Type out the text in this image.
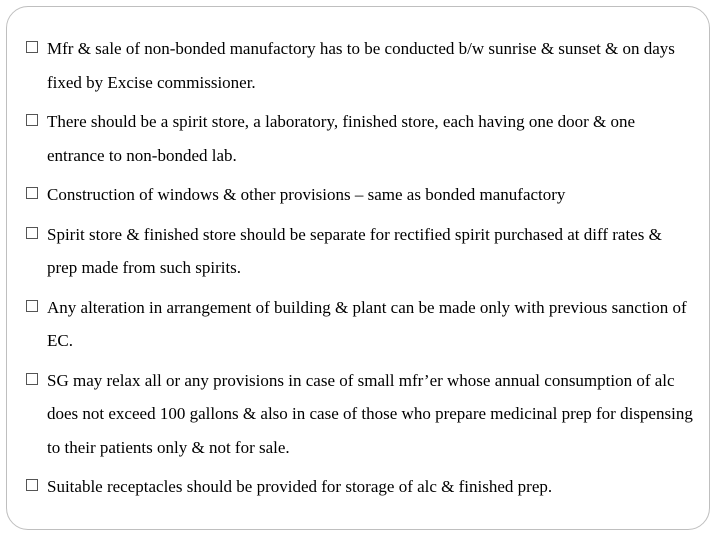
Mfr & sale of non-bonded manufactory has to be conducted b/w sunrise & sunset & on days fixed by Excise commissioner.
There should be a spirit store, a laboratory, finished store, each having one door & one entrance to non-bonded lab.
Construction of windows & other provisions – same as bonded manufactory
Spirit store & finished store should be separate for rectified spirit purchased at diff rates & prep made from such spirits.
Any alteration in arrangement of building & plant can be made only with previous sanction of EC.
SG may relax all or any provisions in case of small mfr’er whose annual consumption of alc does not exceed 100 gallons & also in case of those who prepare medicinal prep for dispensing to their patients only & not for sale.
Suitable receptacles should be provided for storage of alc & finished prep.
